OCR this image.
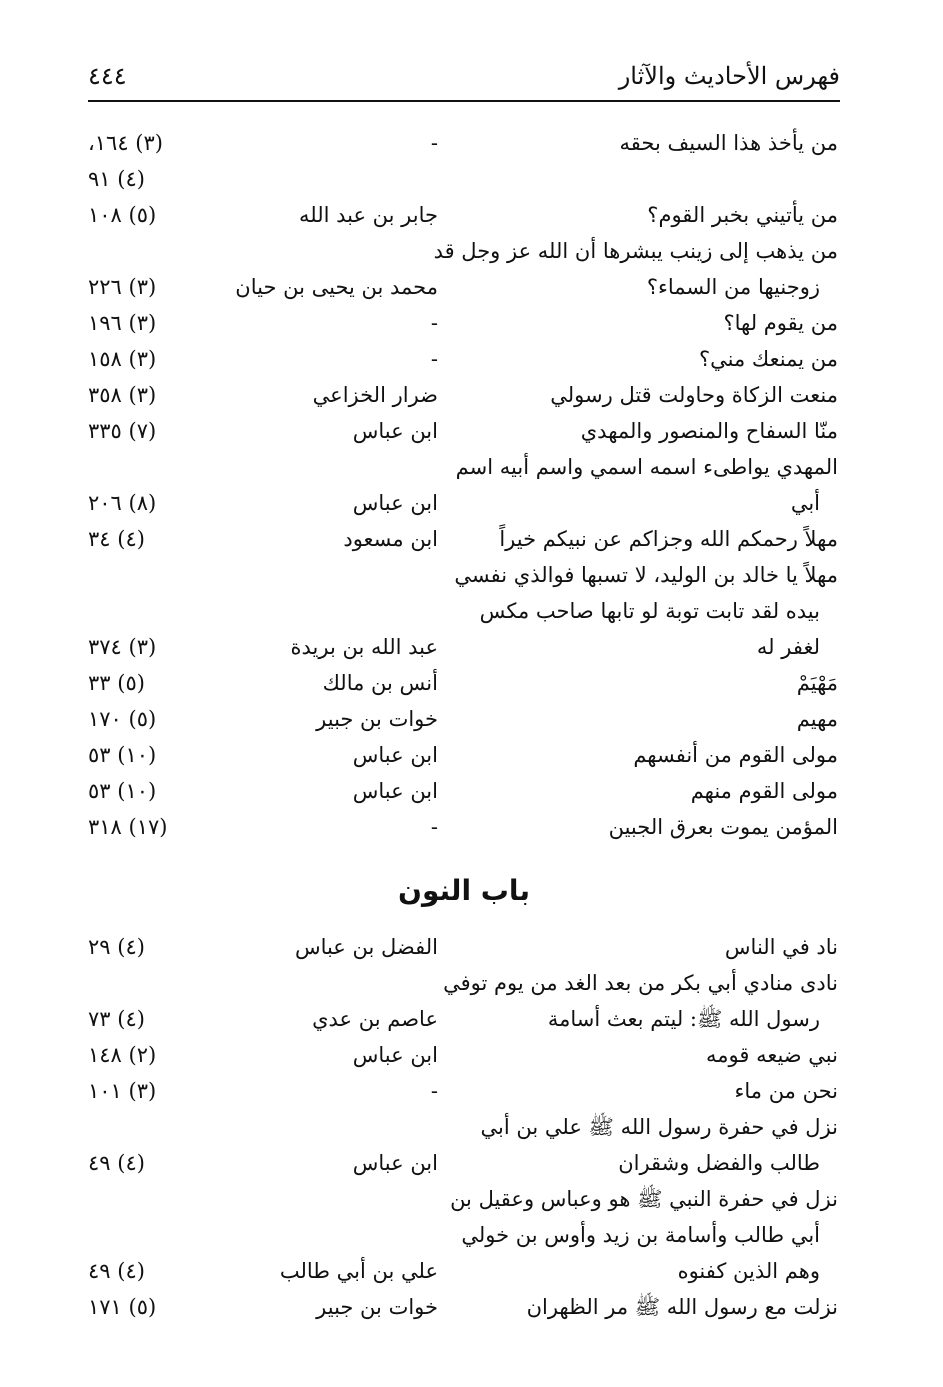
فهرس الأحاديث والآثار
٤٤٤
من يأخذ هذا السيف بحقه
-
(٣) ١٦٤،
(٤) ٩١
من يأتيني بخبر القوم؟
جابر بن عبد الله
(٥) ١٠٨
من يذهب إلى زينب يبشرها أن الله عز وجل قد
زوجنيها من السماء؟
محمد بن يحيى بن حيان
(٣) ٢٢٦
من يقوم لها؟
-
(٣) ١٩٦
من يمنعك مني؟
-
(٣) ١٥٨
منعت الزكاة وحاولت قتل رسولي
ضرار الخزاعي
(٣) ٣٥٨
منّا السفاح والمنصور والمهدي
ابن عباس
(٧) ٣٣٥
المهدي يواطىء اسمه اسمي واسم أبيه اسم
أبي
ابن عباس
(٨) ٢٠٦
مهلاً رحمكم الله وجزاكم عن نبيكم خيراً
ابن مسعود
(٤) ٣٤
مهلاً يا خالد بن الوليد، لا تسبها فوالذي نفسي
بيده لقد تابت توبة لو تابها صاحب مكس
لغفر له
عبد الله بن بريدة
(٣) ٣٧٤
مَهْيَمْ
أنس بن مالك
(٥) ٣٣
مهيم
خوات بن جبير
(٥) ١٧٠
مولى القوم من أنفسهم
ابن عباس
(١٠) ٥٣
مولى القوم منهم
ابن عباس
(١٠) ٥٣
المؤمن يموت بعرق الجبين
-
(١٧) ٣١٨
باب النون
ناد في الناس
الفضل بن عباس
(٤) ٢٩
نادى منادي أبي بكر من بعد الغد من يوم توفي
رسول الله ﷺ: ليتم بعث أسامة
عاصم بن عدي
(٤) ٧٣
نبي ضيعه قومه
ابن عباس
(٢) ١٤٨
نحن من ماء
-
(٣) ١٠١
نزل في حفرة رسول الله ﷺ علي بن أبي
طالب والفضل وشقران
ابن عباس
(٤) ٤٩
نزل في حفرة النبي ﷺ هو وعباس وعقيل بن
أبي طالب وأسامة بن زيد وأوس بن خولي
وهم الذين كفنوه
علي بن أبي طالب
(٤) ٤٩
نزلت مع رسول الله ﷺ مر الظهران
خوات بن جبير
(٥) ١٧١
